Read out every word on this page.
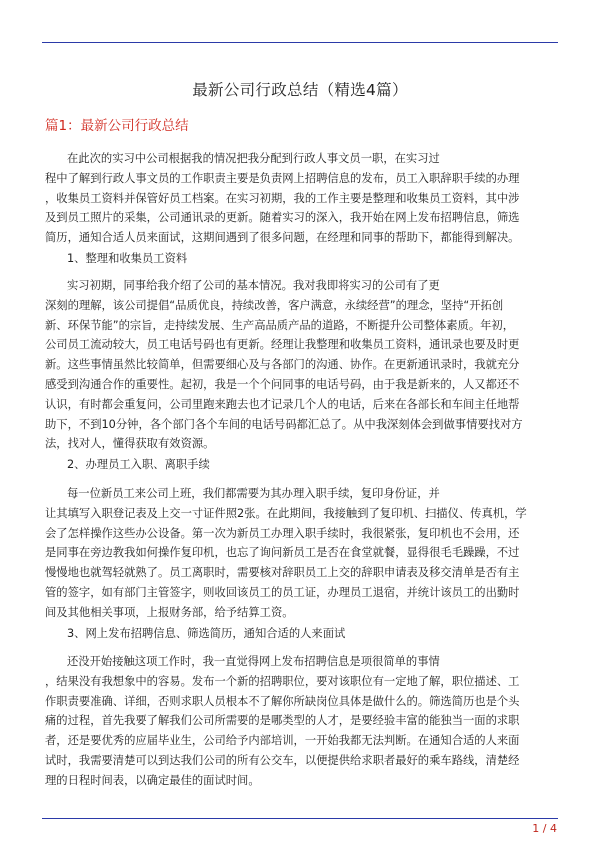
最新公司行政总结（精选4篇）
篇1：最新公司行政总结
在此次的实习中公司根据我的情况把我分配到行政人事文员一职，在实习过
程中了解到行政人事文员的工作职责主要是负责网上招聘信息的发布，员工入职辞职手续的办理
，收集员工资料并保管好员工档案。在实习初期，我的工作主要是整理和收集员工资料，其中涉
及到员工照片的采集，公司通讯录的更新。随着实习的深入，我开始在网上发布招聘信息，筛选
简历，通知合适人员来面试，这期间遇到了很多问题，在经理和同事的帮助下，都能得到解决。
1、整理和收集员工资料
实习初期，同事给我介绍了公司的基本情况。我对我即将实习的公司有了更
深刻的理解，该公司提倡“品质优良，持续改善，客户满意，永续经营”的理念，坚持“开拓创
新、环保节能”的宗旨，走持续发展、生产高品质产品的道路，不断提升公司整体素质。年初，
公司员工流动较大，员工电话号码也有更新。经理让我整理和收集员工资料，通讯录也要及时更
新。这些事情虽然比较简单，但需要细心及与各部门的沟通、协作。在更新通讯录时，我就充分
感受到沟通合作的重要性。起初，我是一个个问同事的电话号码，由于我是新来的，人又都还不
认识，有时都会重复问，公司里跑来跑去也才记录几个人的电话，后来在各部长和车间主任地帮
助下，不到10分钟，各个部门各个车间的电话号码都汇总了。从中我深刻体会到做事情要找对方
法，找对人，懂得获取有效资源。
2、办理员工入职、离职手续
每一位新员工来公司上班，我们都需要为其办理入职手续，复印身份证，并
让其填写入职登记表及上交一寸证件照2张。在此期间，我接触到了复印机、扫描仪、传真机，学
会了怎样操作这些办公设备。第一次为新员工办理入职手续时，我很紧张，复印机也不会用，还
是同事在旁边教我如何操作复印机，也忘了询问新员工是否在食堂就餐，显得很毛毛躁躁，不过
慢慢地也就驾轻就熟了。员工离职时，需要核对辞职员工上交的辞职申请表及移交清单是否有主
管的签字，如有部门主管签字，则收回该员工的员工证，办理员工退宿，并统计该员工的出勤时
间及其他相关事项，上报财务部，给予结算工资。
3、网上发布招聘信息、筛选简历，通知合适的人来面试
还没开始接触这项工作时，我一直觉得网上发布招聘信息是项很简单的事情
，结果没有我想象中的容易。发布一个新的招聘职位，要对该职位有一定地了解，职位描述、工
作职责要准确、详细，否则求职人员根本不了解你所缺岗位具体是做什么的。筛选简历也是个头
痛的过程，首先我要了解我们公司所需要的是哪类型的人才，是要经验丰富的能独当一面的求职
者，还是要优秀的应届毕业生，公司给予内部培训，一开始我都无法判断。在通知合适的人来面
试时，我需要清楚可以到达我们公司的所有公交车，以便提供给求职者最好的乘车路线，清楚经
理的日程时间表，以确定最佳的面试时间。
1 / 4
